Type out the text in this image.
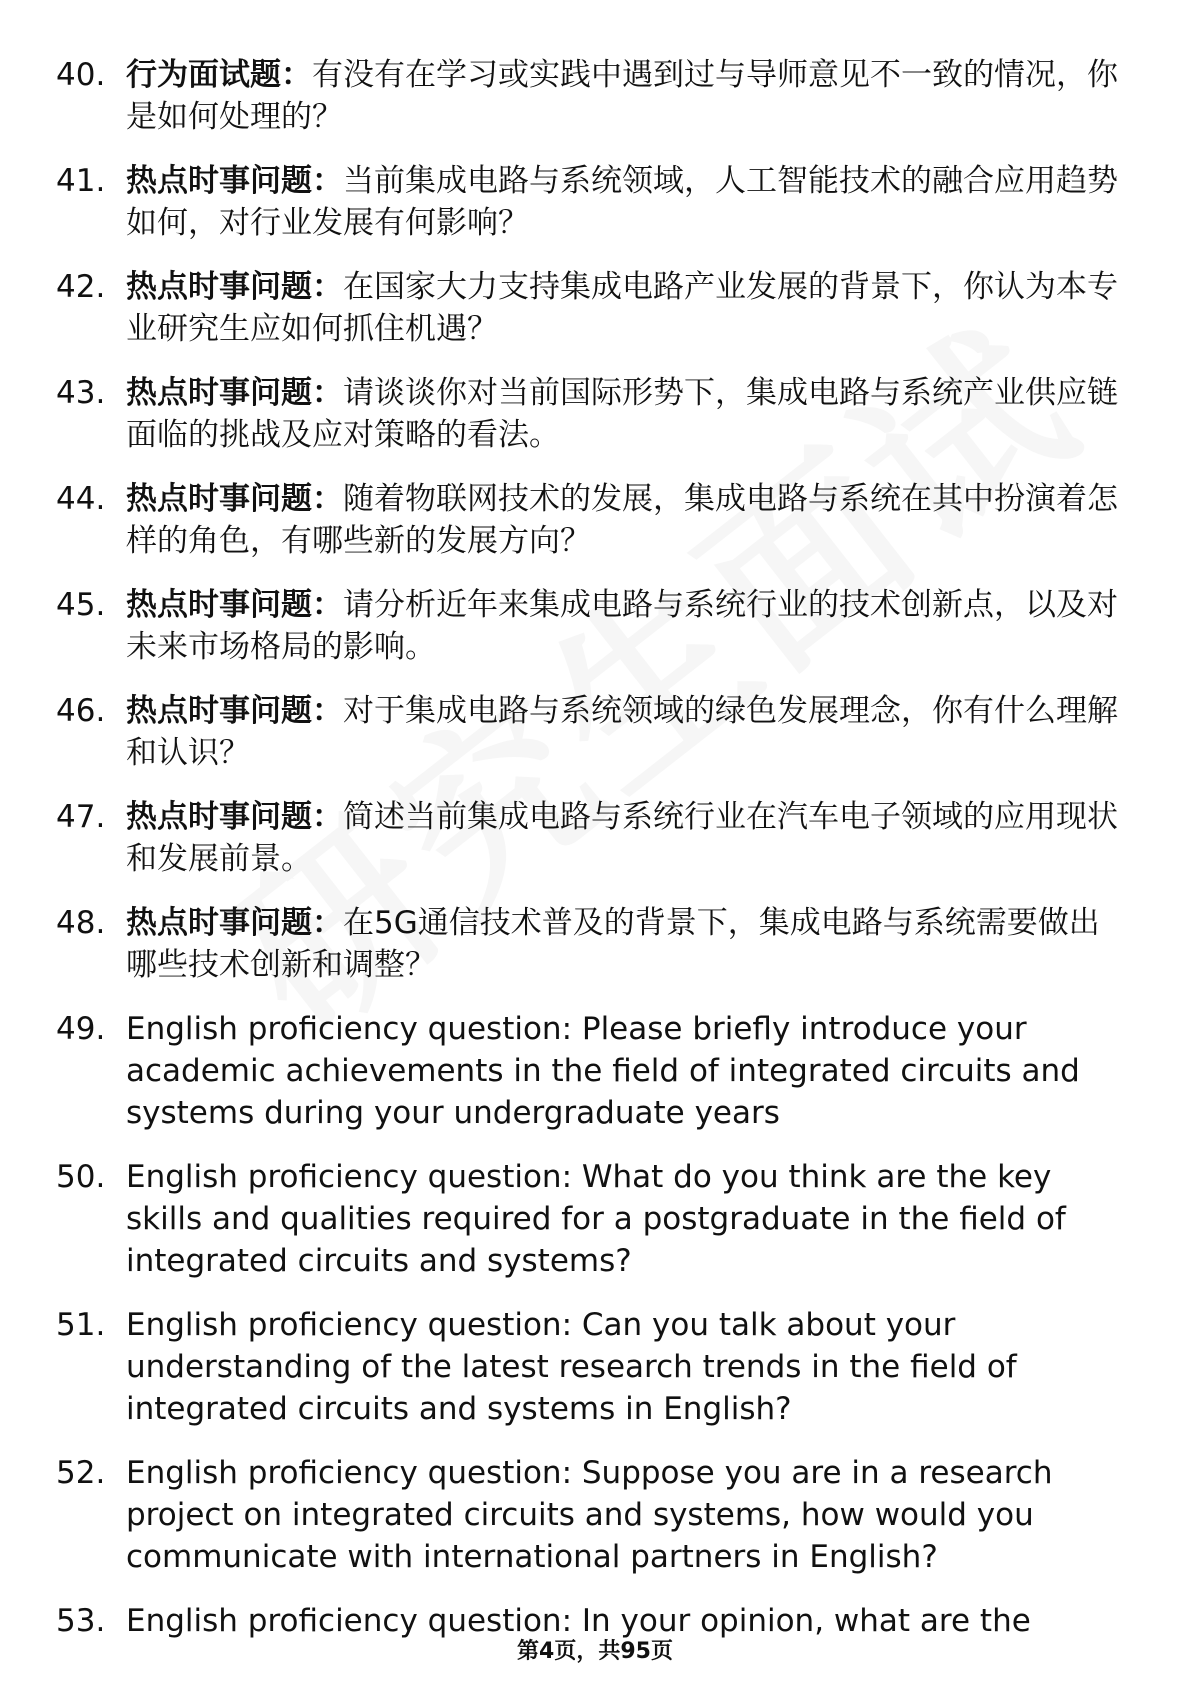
40. 行为面试题：有没有在学习或实践中遇到过与导师意见不一致的情况，你是如何处理的？
41. 热点时事问题：当前集成电路与系统领域，人工智能技术的融合应用趋势如何，对行业发展有何影响？
42. 热点时事问题：在国家大力支持集成电路产业发展的背景下，你认为本专业研究生应如何抓住机遇？
43. 热点时事问题：请谈谈你对当前国际形势下，集成电路与系统产业供应链面临的挑战及应对策略的看法。
44. 热点时事问题：随着物联网技术的发展，集成电路与系统在其中扮演着怎样的角色，有哪些新的发展方向？
45. 热点时事问题：请分析近年来集成电路与系统行业的技术创新点，以及对未来市场格局的影响。
46. 热点时事问题：对于集成电路与系统领域的绿色发展理念，你有什么理解和认识？
47. 热点时事问题：简述当前集成电路与系统行业在汽车电子领域的应用现状和发展前景。
48. 热点时事问题：在5G通信技术普及的背景下，集成电路与系统需要做出哪些技术创新和调整？
49. English proficiency question: Please briefly introduce your academic achievements in the field of integrated circuits and systems during your undergraduate years
50. English proficiency question: What do you think are the key skills and qualities required for a postgraduate in the field of integrated circuits and systems?
51. English proficiency question: Can you talk about your understanding of the latest research trends in the field of integrated circuits and systems in English?
52. English proficiency question: Suppose you are in a research project on integrated circuits and systems, how would you communicate with international partners in English?
53. English proficiency question: In your opinion, what are the
第4页，共95页
